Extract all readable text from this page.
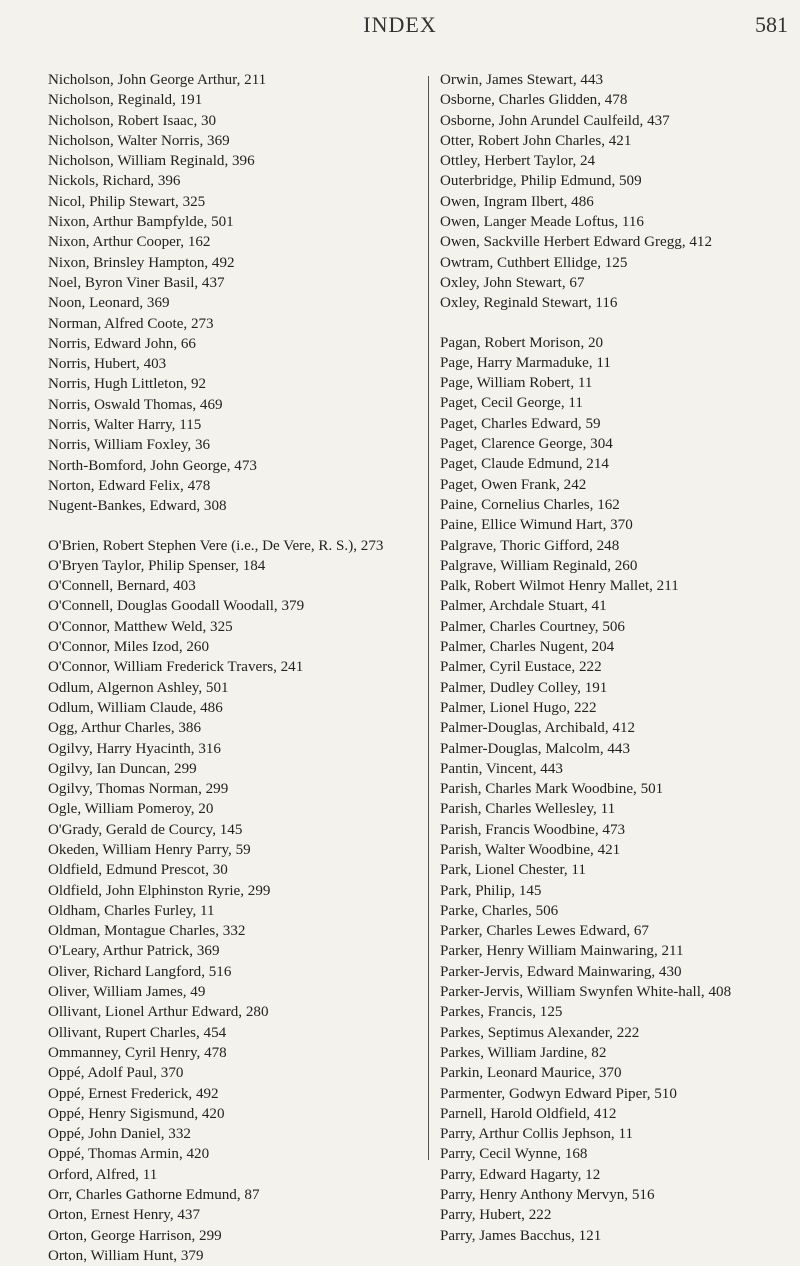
INDEX	581
Nicholson, John George Arthur, 211
Nicholson, Reginald, 191
Nicholson, Robert Isaac, 30
Nicholson, Walter Norris, 369
Nicholson, William Reginald, 396
Nickols, Richard, 396
Nicol, Philip Stewart, 325
Nixon, Arthur Bampfylde, 501
Nixon, Arthur Cooper, 162
Nixon, Brinsley Hampton, 492
Noel, Byron Viner Basil, 437
Noon, Leonard, 369
Norman, Alfred Coote, 273
Norris, Edward John, 66
Norris, Hubert, 403
Norris, Hugh Littleton, 92
Norris, Oswald Thomas, 469
Norris, Walter Harry, 115
Norris, William Foxley, 36
North-Bomford, John George, 473
Norton, Edward Felix, 478
Nugent-Bankes, Edward, 308
O'Brien, Robert Stephen Vere (i.e., De Vere, R. S.), 273
O'Bryen Taylor, Philip Spenser, 184
O'Connell, Bernard, 403
O'Connell, Douglas Goodall Woodall, 379
O'Connor, Matthew Weld, 325
O'Connor, Miles Izod, 260
O'Connor, William Frederick Travers, 241
Odlum, Algernon Ashley, 501
Odlum, William Claude, 486
Ogg, Arthur Charles, 386
Ogilvy, Harry Hyacinth, 316
Ogilvy, Ian Duncan, 299
Ogilvy, Thomas Norman, 299
Ogle, William Pomeroy, 20
O'Grady, Gerald de Courcy, 145
Okeden, William Henry Parry, 59
Oldfield, Edmund Prescot, 30
Oldfield, John Elphinston Ryrie, 299
Oldham, Charles Furley, 11
Oldman, Montague Charles, 332
O'Leary, Arthur Patrick, 369
Oliver, Richard Langford, 516
Oliver, William James, 49
Ollivant, Lionel Arthur Edward, 280
Ollivant, Rupert Charles, 454
Ommanney, Cyril Henry, 478
Oppé, Adolf Paul, 370
Oppé, Ernest Frederick, 492
Oppé, Henry Sigismund, 420
Oppé, John Daniel, 332
Oppé, Thomas Armin, 420
Orford, Alfred, 11
Orr, Charles Gathorne Edmund, 87
Orton, Ernest Henry, 437
Orton, George Harrison, 299
Orton, William Hunt, 379
Orwin, James Stewart, 443
Osborne, Charles Glidden, 478
Osborne, John Arundel Caulfeild, 437
Otter, Robert John Charles, 421
Ottley, Herbert Taylor, 24
Outerbridge, Philip Edmund, 509
Owen, Ingram Ilbert, 486
Owen, Langer Meade Loftus, 116
Owen, Sackville Herbert Edward Gregg, 412
Owtram, Cuthbert Ellidge, 125
Oxley, John Stewart, 67
Oxley, Reginald Stewart, 116
Pagan, Robert Morison, 20
Page, Harry Marmaduke, 11
Page, William Robert, 11
Paget, Cecil George, 11
Paget, Charles Edward, 59
Paget, Clarence George, 304
Paget, Claude Edmund, 214
Paget, Owen Frank, 242
Paine, Cornelius Charles, 162
Paine, Ellice Wimund Hart, 370
Palgrave, Thoric Gifford, 248
Palgrave, William Reginald, 260
Palk, Robert Wilmot Henry Mallet, 211
Palmer, Archdale Stuart, 41
Palmer, Charles Courtney, 506
Palmer, Charles Nugent, 204
Palmer, Cyril Eustace, 222
Palmer, Dudley Colley, 191
Palmer, Lionel Hugo, 222
Palmer-Douglas, Archibald, 412
Palmer-Douglas, Malcolm, 443
Pantin, Vincent, 443
Parish, Charles Mark Woodbine, 501
Parish, Charles Wellesley, 11
Parish, Francis Woodbine, 473
Parish, Walter Woodbine, 421
Park, Lionel Chester, 11
Park, Philip, 145
Parke, Charles, 506
Parker, Charles Lewes Edward, 67
Parker, Henry William Mainwaring, 211
Parker-Jervis, Edward Mainwaring, 430
Parker-Jervis, William Swynfen White-hall, 408
Parkes, Francis, 125
Parkes, Septimus Alexander, 222
Parkes, William Jardine, 82
Parkin, Leonard Maurice, 370
Parmenter, Godwyn Edward Piper, 510
Parnell, Harold Oldfield, 412
Parry, Arthur Collis Jephson, 11
Parry, Cecil Wynne, 168
Parry, Edward Hagarty, 12
Parry, Henry Anthony Mervyn, 516
Parry, Hubert, 222
Parry, James Bacchus, 121
